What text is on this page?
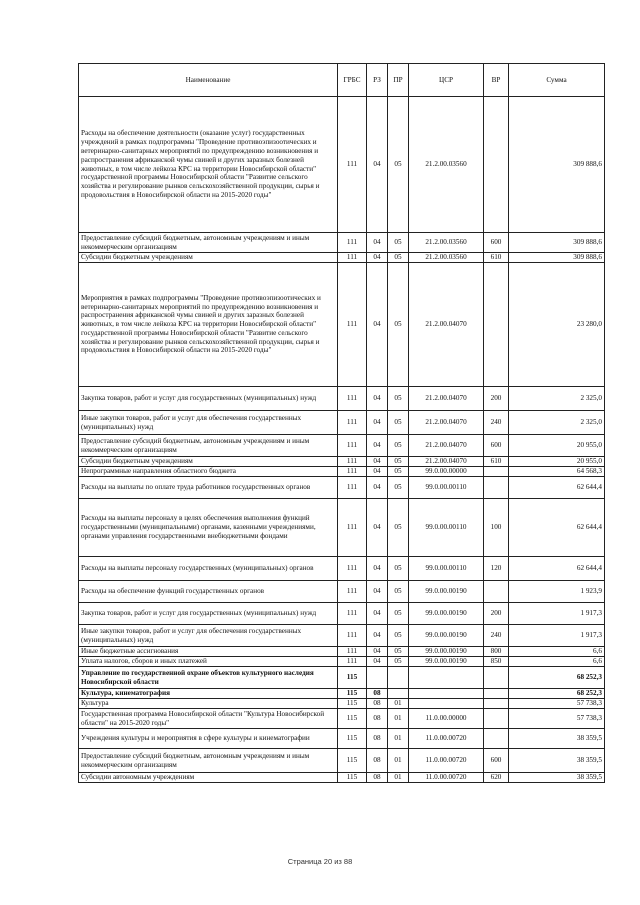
Наименование	ГРБС	РЗ	ПР	ЦСР	ВР	Сумма
Расходы на обеспечение деятельности (оказание услуг) государственных учреждений в рамках подпрограммы "Проведение противоэпизоотических и ветеринарно-санитарных мероприятий по предупреждению возникновения и распространения африканской чумы свиней и других заразных болезней животных, в том числе лейкоза КРС на территории Новосибирской области" государственной программы Новосибирской области "Развитие сельского хозяйства и регулирование рынков сельскохозяйственной продукции, сырья и продовольствия в Новосибирской области на 2015-2020 годы"	111	04	05	21.2.00.03560		309 888,6
Предоставление субсидий бюджетным, автономным учреждениям и иным некоммерческим организациям	111	04	05	21.2.00.03560	600	309 888,6
Субсидии бюджетным учреждениям	111	04	05	21.2.00.03560	610	309 888,6
Мероприятия в рамках подпрограммы "Проведение противоэпизоотических и ветеринарно-санитарных мероприятий по предупреждению возникновения и распространения африканской чумы свиней и других заразных болезней животных, в том числе лейкоза КРС на территории Новосибирской области" государственной программы Новосибирской области "Развитие сельского хозяйства и регулирование рынков сельскохозяйственной продукции, сырья и продовольствия в Новосибирской области на 2015-2020 годы"	111	04	05	21.2.00.04070		23 280,0
Закупка товаров, работ и услуг для государственных (муниципальных) нужд	111	04	05	21.2.00.04070	200	2 325,0
Иные закупки товаров, работ и услуг для обеспечения государственных (муниципальных) нужд	111	04	05	21.2.00.04070	240	2 325,0
Предоставление субсидий бюджетным, автономным учреждениям и иным некоммерческим организациям	111	04	05	21.2.00.04070	600	20 955,0
Субсидии бюджетным учреждениям	111	04	05	21.2.00.04070	610	20 955,0
Непрограммные направления областного бюджета	111	04	05	99.0.00.00000		64 568,3
Расходы на выплаты по оплате труда работников государственных органов	111	04	05	99.0.00.00110		62 644,4
Расходы на выплаты персоналу в целях обеспечения выполнения функций государственными (муниципальными) органами, казенными учреждениями, органами управления государственными внебюджетными фондами	111	04	05	99.0.00.00110	100	62 644,4
Расходы на выплаты персоналу государственных (муниципальных) органов	111	04	05	99.0.00.00110	120	62 644,4
Расходы на обеспечение функций государственных органов	111	04	05	99.0.00.00190		1 923,9
Закупка товаров, работ и услуг для государственных (муниципальных) нужд	111	04	05	99.0.00.00190	200	1 917,3
Иные закупки товаров, работ и услуг для обеспечения государственных (муниципальных) нужд	111	04	05	99.0.00.00190	240	1 917,3
Иные бюджетные ассигнования	111	04	05	99.0.00.00190	800	6,6
Уплата налогов, сборов и иных платежей	111	04	05	99.0.00.00190	850	6,6
Управление по государственной охране объектов культурного наследия Новосибирской области	115					68 252,3
Культура, кинематография	115	08				68 252,3
Культура	115	08	01			57 738,3
Государственная программа Новосибирской области "Культура Новосибирской области" на 2015-2020 годы"	115	08	01	11.0.00.00000		57 738,3
Учреждения культуры и мероприятия в сфере культуры и кинематографии	115	08	01	11.0.00.00720		38 359,5
Предоставление субсидий бюджетным, автономным учреждениям и иным некоммерческим организациям	115	08	01	11.0.00.00720	600	38 359,5
Субсидии автономным учреждениям	115	08	01	11.0.00.00720	620	38 359,5
Страница 20 из 88
